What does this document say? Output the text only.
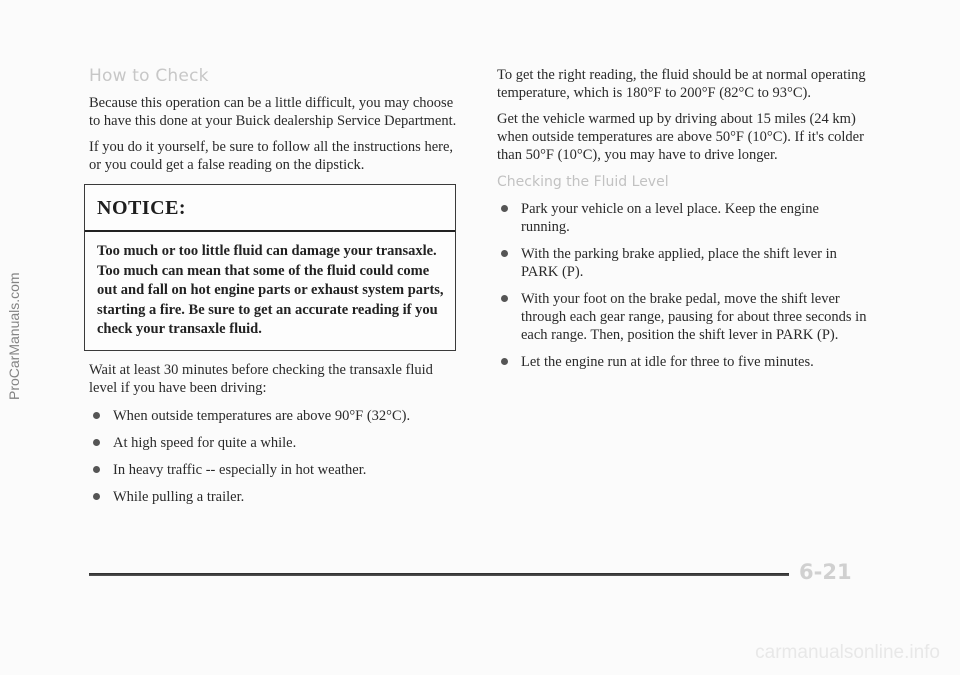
How to Check

Because this operation can be a little difficult, you may choose to have this done at your Buick dealership Service Department.

If you do it yourself, be sure to follow all the instructions here, or you could get a false reading on the dipstick.

NOTICE:
Too much or too little fluid can damage your transaxle. Too much can mean that some of the fluid could come out and fall on hot engine parts or exhaust system parts, starting a fire. Be sure to get an accurate reading if you check your transaxle fluid.

Wait at least 30 minutes before checking the transaxle fluid level if you have been driving:

When outside temperatures are above 90°F (32°C).
At high speed for quite a while.
In heavy traffic -- especially in hot weather.
While pulling a trailer.

To get the right reading, the fluid should be at normal operating temperature, which is 180°F to 200°F (82°C to 93°C).

Get the vehicle warmed up by driving about 15 miles (24 km) when outside temperatures are above 50°F (10°C). If it's colder than 50°F (10°C), you may have to drive longer.

Checking the Fluid Level
Park your vehicle on a level place. Keep the engine running.
With the parking brake applied, place the shift lever in PARK (P).
With your foot on the brake pedal, move the shift lever through each gear range, pausing for about three seconds in each range. Then, position the shift lever in PARK (P).
Let the engine run at idle for three to five minutes.
6-21
ProCarManuals.com
carmanualsonline.info
